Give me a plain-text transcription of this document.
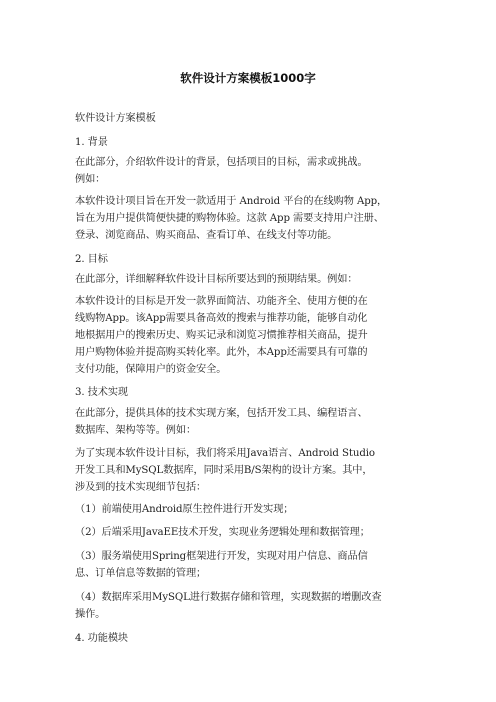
软件设计方案模板1000字
软件设计方案模板
1. 背景
在此部分，介绍软件设计的背景，包括项目的目标，需求或挑战。
例如：
本软件设计项目旨在开发一款适用于 Android 平台的在线购物 App，
旨在为用户提供简便快捷的购物体验。这款 App 需要支持用户注册、
登录、浏览商品、购买商品、查看订单、在线支付等功能。
2. 目标
在此部分，详细解释软件设计目标所要达到的预期结果。例如：
本软件设计的目标是开发一款界面简洁、功能齐全、使用方便的在
线购物App。该App需要具备高效的搜索与推荐功能，能够自动化
地根据用户的搜索历史、购买记录和浏览习惯推荐相关商品，提升
用户购物体验并提高购买转化率。此外，本App还需要具有可靠的
支付功能，保障用户的资金安全。
3. 技术实现
在此部分，提供具体的技术实现方案，包括开发工具、编程语言、
数据库、架构等等。例如：
为了实现本软件设计目标，我们将采用Java语言、Android Studio
开发工具和MySQL数据库，同时采用B/S架构的设计方案。其中，
涉及到的技术实现细节包括：
（1）前端使用Android原生控件进行开发实现；
（2）后端采用JavaEE技术开发，实现业务逻辑处理和数据管理；
（3）服务端使用Spring框架进行开发，实现对用户信息、商品信
息、订单信息等数据的管理；
（4）数据库采用MySQL进行数据存储和管理，实现数据的增删改查
操作。
4. 功能模块
